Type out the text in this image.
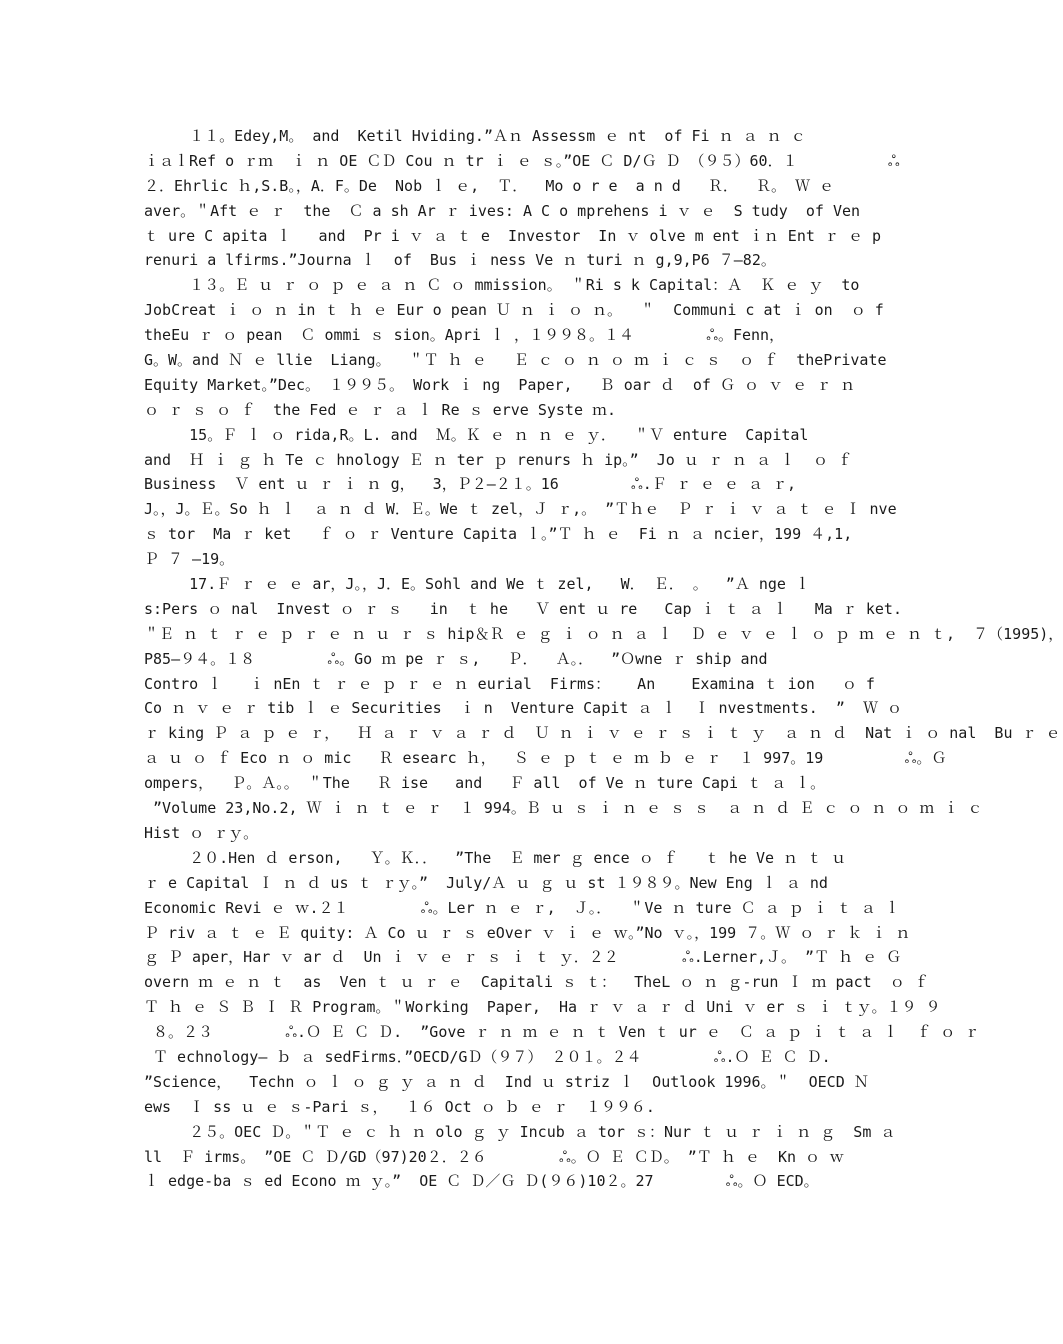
１１。Edey,M。 and  Ketil Hviding.”Ａｎ Assessm ｅ nt  of Fi ｎ ａ ｎ ｃ
ｉａｌRef o ｒｍ  ｉ ｎ OE ＣＤ Cou ｎ tr ｉ ｅ ｓ。”OE Ｃ D/Ｇ Ｄ （９５）60．１          ஃ
２．Ehrlic ｈ,S.B。，A．F。De  Nob ｌ ｅ,  Ｔ．  Mo o r e  a n d   Ｒ．  Ｒ。 Ｗ ｅ
aver。＂Aft ｅ ｒ  the  Ｃ a sh Ar ｒ ives: A C o mprehens i ｖ ｅ  S tudy  of Ven
ｔ ure C apita ｌ   and  Pr i ｖ ａ ｔ e  Investor  In ｖ olve m ent ｉｎ Ent ｒ ｅ p
renuri a lfirms.”Journa ｌ  of  Bus ｉ ness Ve ｎ turi ｎ g,9,P6 ７—82。
１３。Ｅ ｕ ｒ ｏ ｐ ｅ ａ ｎ Ｃ ｏ mmission。 ＂Ri s k Capital：Ａ  Ｋ ｅ ｙ  to
JobCreat ｉ ｏ ｎ in ｔ ｈ ｅ Eur o pean Ｕ ｎ ｉ ｏ ｎ。  ＂  Communi c at ｉ on  ｏ f
theEu ｒ ｏ pean  Ｃ ommi ｓ sion。Apri ｌ ，１９９８。１４        ஃ。Fenn，
G。W。and Ｎ ｅ llie  Liang。  ＂Ｔ ｈ ｅ   Ｅ ｃ ｏ ｎ ｏ ｍ ｉ ｃ ｓ  ｏ ｆ  thePrivate
Equity Market。”Dec。 １９９５。 Work ｉ ng  Paper,   Ｂ oar ｄ  of Ｇ ｏ ｖ ｅ ｒ ｎ
ｏ ｒ ｓ ｏ ｆ  the Fed ｅ ｒ ａ ｌ Re ｓ erve Syste ｍ.
15。Ｆ ｌ ｏ rida,R。L. and  Ｍ。Ｋ ｅ ｎ ｎ ｅ ｙ．  ＂Ｖ enture  Capital
and  Ｈ ｉ ｇ ｈ Te ｃ hnology Ｅ ｎ ter ｐ renurs ｈ ip。”  Jo ｕ ｒ ｎ ａ ｌ  ｏ ｆ
Business  Ｖ ent ｕ ｒ ｉ ｎ g，  3，Ｐ２—２１。16        ஃ.Ｆ ｒ ｅ ｅ ａ ｒ,
J。，J。Ｅ。So ｈ ｌ  ａ ｎ ｄ W．Ｅ。We ｔ zel，Ｊ ｒ,。 ”Ｔｈｅ  Ｐ ｒ ｉ ｖ ａ ｔ ｅ Ｉ nve
ｓ tor  Ma ｒ ket   ｆ ｏ ｒ Venture Capita ｌ。”Ｔ ｈ ｅ  Fi ｎ ａ ncier，199 ４,1,
Ｐ ７ —19。
17.Ｆ ｒ ｅ ｅ ar，J。，J．E。Sohl and We ｔ zel,   W． Ｅ． 。  ”Ａ nge ｌ
s:Pers ｏ nal  Invest ｏ ｒ ｓ   in  ｔ he   Ｖ ent ｕ re   Cap ｉ ｔ ａ ｌ   Ma ｒ ket.
＂Ｅ ｎ ｔ ｒ ｅ ｐ ｒ ｅ ｎ ｕ ｒ ｓ hip＆Ｒ ｅ ｇ ｉ ｏ ｎ ａ ｌ  Ｄ ｅ ｖ ｅ ｌ ｏ ｐ ｍ ｅ ｎ ｔ,  ７（1995)，
P85—９４。１８        ஃ。Go ｍ pe ｒ ｓ,   Ｐ．  Ａ。．  ”Ｏwne ｒ ship and
Contro ｌ   ｉ nEn ｔ ｒ ｅ ｐ ｒ ｅ ｎ eurial  Firms：   An    Examina ｔ ion   ｏ f
Co ｎ ｖ ｅ ｒ tib ｌ ｅ Securities  ｉ n  Venture Capit ａ ｌ  Ｉ nvestments.  ”  Ｗ ｏ
ｒ king Ｐ ａ ｐ ｅ ｒ，  Ｈ ａ ｒ ｖ ａ ｒ ｄ  Ｕ ｎ ｉ ｖ ｅ ｒ ｓ ｉ ｔ ｙ  ａ ｎ ｄ  Nat ｉ ｏ nal  Bu ｒ ｅ
ａ ｕ ｏ ｆ Eco ｎ ｏ mic   Ｒ esearc ｈ，  Ｓ ｅ ｐ ｔ ｅ ｍ ｂ ｅ ｒ  １ 997。19         ஃ。Ｇ
ompers，  Ｐ。Ａ。。 ＂The   Ｒ ise   and   Ｆ all  of Ve ｎ ture Capi ｔ ａ ｌ。
”Volume 23,No.2, Ｗ ｉ ｎ ｔ ｅ ｒ  １ 994。Ｂ ｕ ｓ ｉ ｎ ｅ ｓ ｓ  ａ ｎ ｄ Ｅ ｃ ｏ ｎ ｏ ｍ ｉ ｃ
Hist ｏ ｒｙ。
２０.Hen ｄ erson,   Ｙ。Ｋ．．  ”The  Ｅ mer ｇ ence ｏ ｆ   ｔ he Ve ｎ ｔ ｕ
ｒ e Capital Ｉ ｎ ｄ us ｔ ｒｙ。”  July/Ａ ｕ ｇ ｕ st １９８９。New Eng ｌ ａ nd
Economic Revi ｅ ｗ.２１        ஃ。Ler ｎ ｅ ｒ,  Ｊ。．  ＂Ve ｎ ture Ｃ ａ ｐ ｉ ｔ ａ ｌ
Ｐ riv ａ ｔ ｅ Ｅ quity: Ａ Co ｕ ｒ ｓ eOver ｖ ｉ ｅ ｗ。”No ｖ。，199 ７。Ｗ ｏ ｒ ｋ ｉ ｎ
ｇ Ｐ aper，Har ｖ ar ｄ  Un ｉ ｖ ｅ ｒ ｓ ｉ ｔ ｙ．２２       ஃ.Lerner,Ｊ。 ”Ｔ ｈ ｅ Ｇ
overn ｍ ｅ ｎ ｔ  as  Ven ｔ ｕ ｒ ｅ  Capitali ｓ ｔ：  TheL ｏ ｎ ｇ-run Ｉ ｍ pact  ｏ ｆ
Ｔ ｈ ｅ Ｓ Ｂ Ｉ Ｒ Program。＂Working  Paper,  Ha ｒ ｖ ａ ｒ ｄ Uni ｖ er ｓ ｉ ｔｙ。１９ ９
８。２３        ஃ.Ｏ Ｅ Ｃ Ｄ.  ”Gove ｒ ｎ ｍ ｅ ｎ ｔ Ven ｔ ur ｅ  Ｃ ａ ｐ ｉ ｔ ａ ｌ  ｆ ｏ ｒ
Ｔ echnology— ｂ ａ sedFirms．”OECD/GＤ（９７） ２０１。２４        ஃ.Ｏ Ｅ Ｃ Ｄ.
”Science，  Techn ｏ ｌ ｏ ｇ ｙ ａ ｎ ｄ  Ind ｕ striz ｌ  Outlook 1996。＂  OECD Ｎ
ews  Ｉ ss ｕ ｅ ｓ-Pari ｓ，  １６ Oct ｏ ｂ ｅ ｒ  １９９６.
２５。OEC Ｄ。＂Ｔ ｅ ｃ ｈ ｎ olo ｇ ｙ Incub ａ tor ｓ：Nur ｔ ｕ ｒ ｉ ｎ ｇ  Sm ａ
ll  Ｆ irms。 ”OE Ｃ Ｄ/GD（97)20２．２６        ஃ。Ｏ Ｅ ＣＤ。 ”Ｔ ｈ ｅ  Kn ｏ ｗ
ｌ edge-ba ｓ ed Econo ｍ ｙ。”  OE Ｃ Ｄ／Ｇ Ｄ(９６)10２。27        ஃ。Ｏ ECD。
